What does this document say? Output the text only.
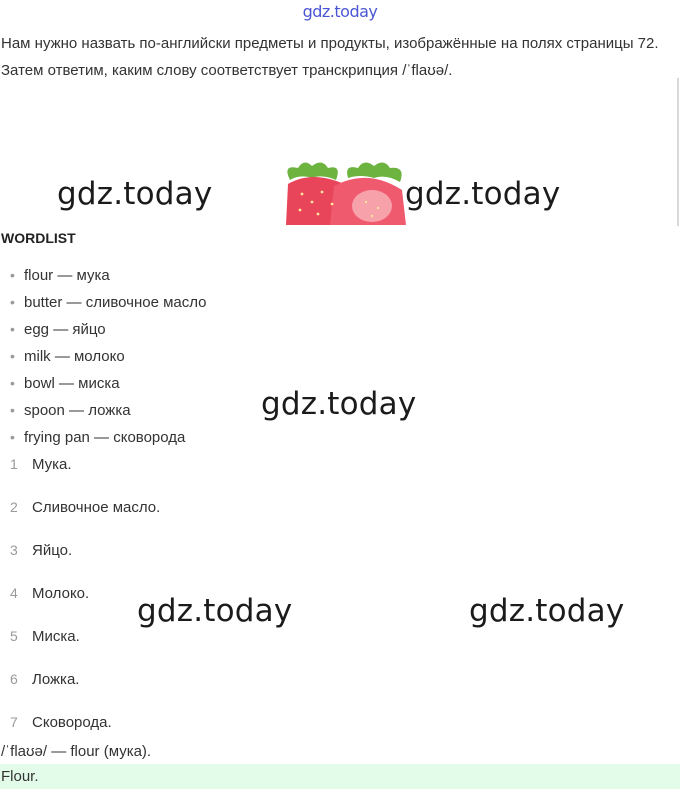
gdz.today
Нам нужно назвать по-английски предметы и продукты, изображённые на полях страницы 72. Затем ответим, каким слову соответствует транскрипция /ˈflaʊə/.
gdz.today	gdz.today
WORDLIST
• flour — мука
• butter — сливочное масло
• egg — яйцо
• milk — молоко
• bowl — миска
• spoon — ложка
• frying pan — сковорода
gdz.today
1 Мука.
2 Сливочное масло.
3 Яйцо.
4 Молоко.
5 Миска.
6 Ложка.
7 Сковорода.
gdz.today	gdz.today
/ˈflaʊə/ — flour (мука).
Flour.
